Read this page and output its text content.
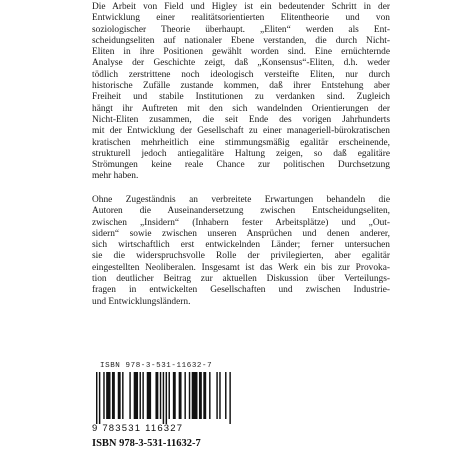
Die Arbeit von Field und Higley ist ein bedeutender Schritt in der
Entwicklung einer realitätsorientierten Elitentheorie und von
soziologischer Theorie überhaupt. „Eliten“ werden als Ent-
scheidungseliten auf nationaler Ebene verstanden, die durch Nicht-
Eliten in ihre Positionen gewählt worden sind. Eine ernüchternde
Analyse der Geschichte zeigt, daß „Konsensus“-Eliten, d.h. weder
tödlich zerstrittene noch ideologisch versteifte Eliten, nur durch
historische Zufälle zustande kommen, daß ihrer Entstehung aber
Freiheit und stabile Institutionen zu verdanken sind. Zugleich
hängt ihr Auftreten mit den sich wandelnden Orientierungen der
Nicht-Eliten zusammen, die seit Ende des vorigen Jahrhunderts
mit der Entwicklung der Gesellschaft zu einer manageriell-bürokratischen
kratischen mehrheitlich eine stimmungsmäßig egalitär erscheinende,
strukturell jedoch antiegalitäre Haltung zeigen, so daß egalitäre
Strömungen keine reale Chance zur politischen Durchsetzung
mehr haben.
Ohne Zugeständnis an verbreitete Erwartungen behandeln die
Autoren die Auseinandersetzung zwischen Entscheidungseliten,
zwischen „Insidern“ (Inhabern fester Arbeitsplätze) und „Out-
sidern“ sowie zwischen unseren Ansprüchen und denen anderer,
sich wirtschaftlich erst entwickelnden Länder; ferner untersuchen
sie die widerspruchsvolle Rolle der privilegierten, aber egalitär
eingestellten Neoliberalen. Insgesamt ist das Werk ein bis zur Provoka-
tion deutlicher Beitrag zur aktuellen Diskussion über Verteilungs-
fragen in entwickelten Gesellschaften und zwischen Industrie-
und Entwicklungsländern.
ISBN 978-3-531-11632-7
9 783531 116327
ISBN 978-3-531-11632-7
